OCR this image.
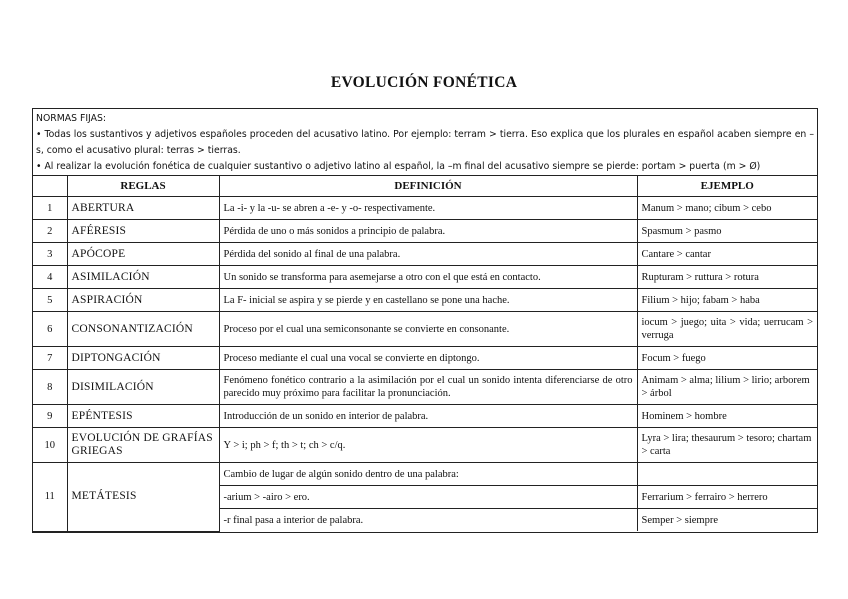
EVOLUCIÓN FONÉTICA

NORMAS FIJAS:

• Todas los sustantivos y adjetivos españoles proceden del acusativo latino. Por ejemplo: terram > tierra. Eso explica que los plurales en español acaben siempre en –s, como el acusativo plural: terras > tierras.

• Al realizar la evolución fonética de cualquier sustantivo o adjetivo latino al español, la –m final del acusativo siempre se pierde: portam > puerta (m > Ø)

	REGLAS	DEFINICIÓN	EJEMPLO
1	ABERTURA	La -i- y la -u- se abren a -e- y -o- respectivamente.	Manum > mano; cibum > cebo
2	AFÉRESIS	Pérdida de uno o más sonidos a principio de palabra.	Spasmum > pasmo
3	APÓCOPE	Pérdida del sonido al final de una palabra.	Cantare > cantar
4	ASIMILACIÓN	Un sonido se transforma para asemejarse a otro con el que está en contacto.	Rupturam > ruttura > rotura
5	ASPIRACIÓN	La F- inicial se aspira y se pierde y en castellano se pone una hache.	Filium > hijo; fabam > haba
6	CONSONANTIZACIÓN	Proceso por el cual una semiconsonante se convierte en consonante.	iocum > juego; uita > vida; uerrucam > verruga
7	DIPTONGACIÓN	Proceso mediante el cual una vocal se convierte en diptongo.	Focum > fuego
8	DISIMILACIÓN	Fenómeno fonético contrario a la asimilación por el cual un sonido intenta diferenciarse de otro parecido muy próximo para facilitar la pronunciación.	Animam > alma; lilium > lirio; arborem > árbol
9	EPÉNTESIS	Introducción de un sonido en interior de palabra.	Hominem > hombre
10	EVOLUCIÓN DE GRAFÍAS GRIEGAS	Y > i; ph > f; th > t; ch > c/q.	Lyra > lira; thesaurum > tesoro; chartam > carta
11	METÁTESIS	Cambio de lugar de algún sonido dentro de una palabra:	
		-arium > -airo > ero.	Ferrarium > ferrairo > herrero
		-r final pasa a interior de palabra.	Semper > siempre
